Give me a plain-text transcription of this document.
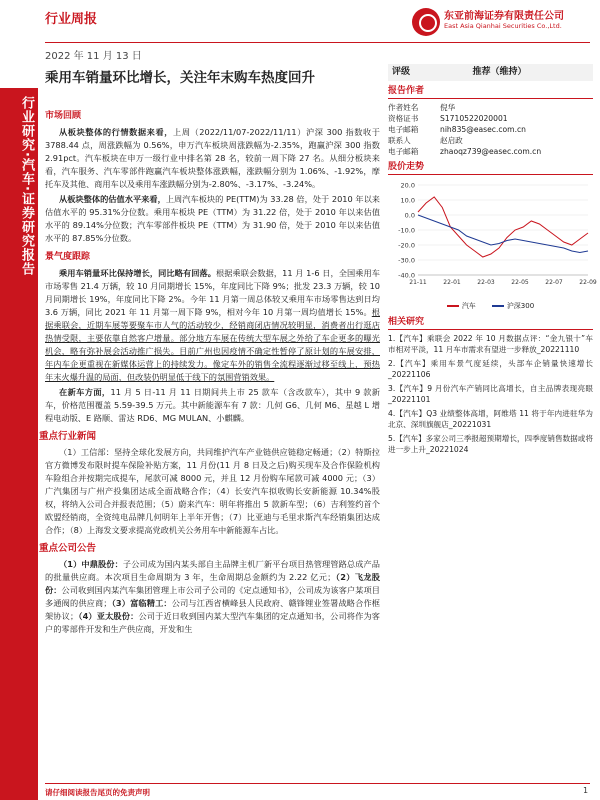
行业研究·汽车·证券研究报告
行业周报
2022 年 11 月 13 日
东亚前海证券有限责任公司
East Asia Qianhai Securities Co.,Ltd.
乘用车销量环比增长，关注年末购车热度回升
市场回顾

从板块整体的行情数据来看，上周（2022/11/07-2022/11/11）沪深 300 指数收于 3788.44 点，周涨跌幅为 0.56%，申万汽车板块周涨跌幅为-2.35%，跑赢沪深 300 指数 2.91pct。汽车板块在申万一级行业中排名第 28 名，较前一周下降 27 名。从细分板块来看，汽车服务、汽车零部件跑赢汽车板块整体涨跌幅，涨跌幅分别为 1.06%、-1.92%，摩托车及其他、商用车以及乘用车涨跌幅分别为-2.80%、-3.17%、-3.24%。

从板块整体的估值水平来看，上周汽车板块的 PE(TTM)为 33.28 倍，处于 2010 年以来估值水平的 95.31%分位数。乘用车板块 PE（TTM）为 31.22 倍，处于 2010 年以来估值水平的 89.14%分位数；汽车零部件板块 PE（TTM）为 31.90 倍，处于 2010 年以来估值水平的 87.85%分位数。

景气度跟踪

乘用车销量环比保持增长，同比略有回落。根据乘联会数据，11 月 1-6 日，全国乘用车市场零售 21.4 万辆，较 10 月同期增长 15%，年度同比下降 9%；批发 23.3 万辆，较 10 月同期增长 19%，年度同比下降 2%。今年 11 月第一周总体较又乘用车市场零售达到日均 3.6 万辆，同比 2021 年 11 月第一周下降 9%，相对今年 10 月第一周均值增长 15%。根据乘联会，近期车展等要聚车市人气的活动较少，经销商闭店情况较明显，消费者出行逛店热情受限，主要依靠自然客户增量。部分地方车展在传统大型车展之外给了车企更多的曝光机会，略有弥补展会活动推广损失。目前广州也因疫情不确定性暂停了原计划的车展安排，年内车企更重视在新媒体运营上的持续发力。像定车外的销售全流程逐渐过移至线上，预热年末火爆升温的局面，但改装仍明显低于线下的氛围营销效果。

在新车方面，11 月 5 日-11 月 11 日期间共上市 25 款车（含改款车），其中 9 款新车，价格范围覆盖 5.59-39.5 万元。其中新能源车有 7 款：几何 G6、几何 M6、星越 L 增程电动版、E 路顺、雷达 RD6、MG MULAN、小麒麟。

重点行业新闻

（1）工信部：坚持全球化发展方向，共同维护汽车产业链供应链稳定畅通；（2）特斯拉官方微博发布限时提车保险补贴方案，11 月份(11 月 8 日及之后)购买现车及合作保险机构车险组合并按期完成提车，尾款可减 8000 元，并且 12 月份购车尾款可减 4000 元；（3）广汽集团与广州产投集团达成全面战略合作；（4）长安汽车拟收购长安新能源 10.34%股权，将纳入公司合并报表范围；（5）蔚来汽车：明年将推出 5 款新车型；（6）吉利签约首个欧盟经销商，全资纯电品牌几何明年上半年开售；（7）比亚迪与毛里求斯汽车经销集团达成合作；（8）上海发文要求提高党政机关公务用车中新能源车占比。

重点公司公告

（1）中鼎股份：子公司成为国内某头部自主品牌主机厂新平台项目热管理管路总成产品的批量供应商。本次项目生命周期为 3 年，生命周期总金额约为 2.22 亿元；（2）飞龙股份：公司收到国内某汽车集团管理上市公司子公司的《定点通知书》，公司成为该客户某项目多通阀的供应商；（3）富临精工：公司与江西省横峰县人民政府、赣锋锂业签署战略合作框架协议；（4）亚太股份：公司于近日收到国内某大型汽车集团的定点通知书，公司将作为客户的零部件开发和生产供应商，开发和生

评级	推荐（维持）
报告作者
作者姓名	倪华
资格证书	S1710522020001
电子邮箱	nih835@easec.com.cn
联系人	赵启政
电子邮箱	zhaoqz739@easec.com.cn
股价走势
20.0
10.0
0.0
-10.0
-20.0
-30.0
-40.0
21-11	22-01	22-03	22-05	22-07	22-09
汽车	沪深300
相关研究
1.【汽车】乘联会 2022 年 10 月数据点评：“金九银十”车市相对平淡，11 月车市需求有望进一步释放_20221110
2.【汽车】乘用车景气度延续，头部车企销量快速增长_20221106
3.【汽车】9 月份汽车产销同比高增长，自主品牌表现亮眼_20221101
4.【汽车】Q3 业绩整体高增，阿维塔 11 将于年内进驻华为北京、深圳旗舰店_20221031
5.【汽车】多家公司三季报超预期增长，四季度销售数据或将进一步上升_20221024
请仔细阅读报告尾页的免责声明	1
